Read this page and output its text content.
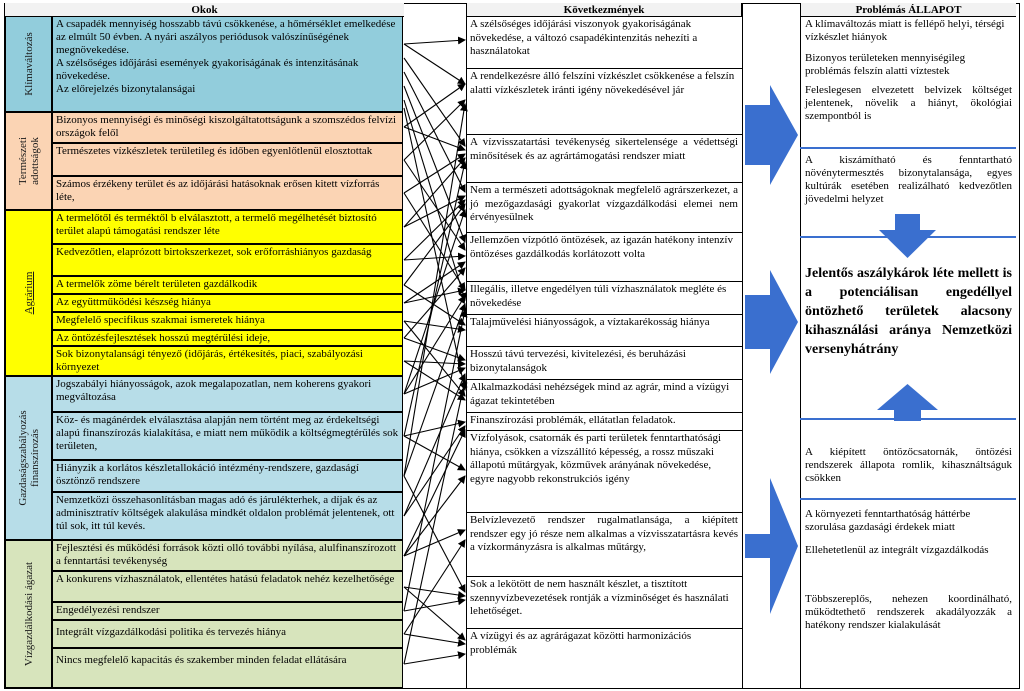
Okok	Következmények	Problémás ÁLLAPOT
Klímaváltozás
Természeti
adottságok
Agrárium
Gazdaságszabályozás
finanszírozás
Vízgazdálkodási ágazat
A csapadék mennyiség hosszabb távú csökkenése, a hőmérséklet emelkedése az elmúlt 50 évben. A nyári aszályos periódusok valószínűségének megnövekedése.
A szélsőséges időjárási események gyakoriságának és intenzitásának növekedése.
Az előrejelzés bizonytalanságai
Bizonyos mennyiségi és minőségi kiszolgáltatottságunk a szomszédos felvízi országok felől
Természetes vízkészletek területileg és időben egyenlőtlenül elosztottak
Számos érzékeny terület és az időjárási hatásoknak erősen kitett vízforrás léte,
A termelőtől és terméktől b elválasztott, a termelő megélhetését biztosító terület alapú támogatási rendszer léte
Kedvezőtlen, elaprózott birtokszerkezet, sok erőforráshiányos gazdaság
A termelők zöme bérelt területen gazdálkodik
Az együttműködési készség hiánya
Megfelelő specifikus szakmai ismeretek hiánya
Az öntözésfejlesztések hosszú megtérülési ideje,
Sok bizonytalansági tényező (időjárás, értékesítés, piaci, szabályozási környezet
Jogszabályi hiányosságok, azok megalapozatlan, nem koherens gyakori megváltozása
Köz- és magánérdek elválasztása alapján nem történt meg az érdekeltségi alapú finanszírozás kialakítása, e miatt nem működik a költségmegtérülés sok területen,
Hiányzik a korlátos készletallokáció intézmény-rendszere, gazdaságí ösztönző rendszere
Nemzetközi összehasonlításban magas adó és járulékterhek, a díjak és az adminisztratív költségek alakulása mindkét oldalon problémát jelentenek, ott túl sok, itt túl kevés.
Fejlesztési és működési források közti olló további nyílása, alulfinanszírozott a fenntartási tevékenység
A konkurens vízhasználatok, ellentétes hatású feladatok nehéz kezelhetősége
Engedélyezési rendszer
Integrált vízgazdálkodási politika és tervezés hiánya
Nincs megfelelő kapacitás és szakember minden feladat ellátására
A szélsőséges időjárási viszonyok gyakoriságának növekedése, a változó csapadékintenzitás nehezíti a használatokat
A rendelkezésre álló felszíni vízkészlet csökkenése a felszín alatti vízkészletek iránti igény növekedésével jár
A vízvisszatartási tevékenység sikertelensége a védettségi minősítések és az agrártámogatási rendszer miatt
Nem a természeti adottságoknak megfelelő agrárszerkezet, a jó mezőgazdasági gyakorlat vízgazdálkodási elemei nem érvényesülnek
Jellemzően vízpótló öntözések, az igazán hatékony intenzív öntözéses gazdálkodás korlátozott volta
Illegális, illetve engedélyen túli vízhasználatok megléte és növekedése
Talajművelési hiányosságok, a víztakarékosság hiánya
Hosszú távú tervezési, kivitelezési, és beruházási bizonytalanságok
Alkalmazkodási nehézségek mind az agrár, mind a vízügyi ágazat tekintetében
Finanszírozási problémák, ellátatlan feladatok.
Vízfolyások, csatornák és parti területek fenntarthatósági hiánya, csökken a vízszállító képesség, a rossz műszaki állapotú műtárgyak, közművek arányának növekedése, egyre nagyobb rekonstrukciós igény
Belvízlevezető rendszer rugalmatlansága, a kiépített rendszer egy jó része nem alkalmas a vízvisszatartásra kevés a vízkormányzásra is alkalmas műtárgy,
Sok a lekötött de nem használt készlet, a tisztított szennyvízbevezetések rontják a vízminőséget és használati lehetőséget.
A vízügyi és az agrárágazat közötti harmonizációs problémák
A klímaváltozás miatt is fellépő helyi, térségi vízkészlet hiányok
Bizonyos területeken mennyiségileg problémás felszín alatti víztestek
Feleslegesen elvezetett belvizek költséget jelentenek, növelik a hiányt, ökológiai szempontból is
A kiszámítható és fenntartható növénytermesztés bizonytalansága, egyes kultúrák esetében realizálható kedvezőtlen jövedelmi helyzet
Jelentős aszálykárok léte mellett is a potenciálisan engedéllyel öntözhető területek alacsony kihasználási aránya Nemzetközi versenyhátrány
A kiépített öntözőcsatornák, öntözési rendszerek állapota romlik, kihasználtságuk csökken
A környezeti fenntarthatóság háttérbe szorulása gazdasági érdekek miatt
Ellehetetlenül az integrált vízgazdálkodás
Többszereplős, nehezen koordinálható, működtethető rendszerek akadályozzák a hatékony rendszer kialakulását
